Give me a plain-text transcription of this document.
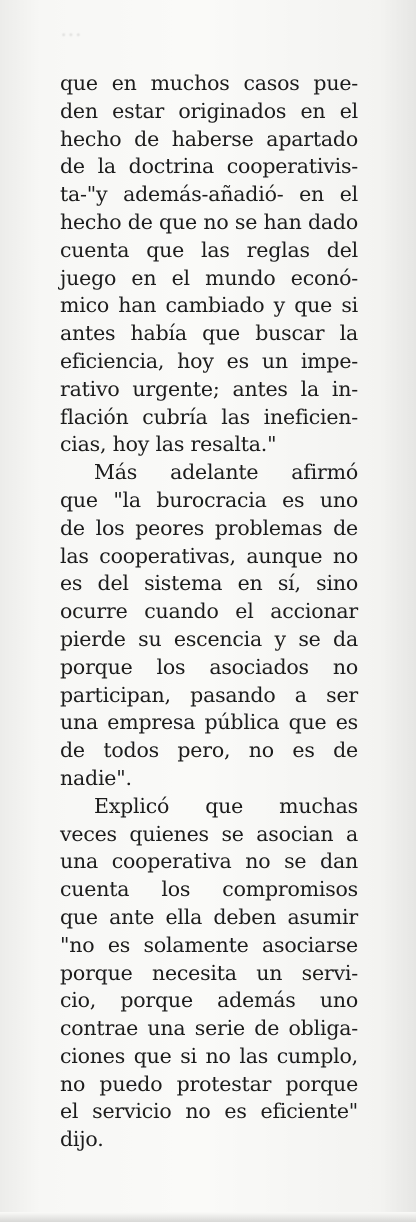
...

que en muchos casos pue-
den estar originados en el
hecho de haberse apartado
de la doctrina cooperativis-
ta-"y además-añadió- en el
hecho de que no se han dado
cuenta que las reglas del
juego en el mundo econó-
mico han cambiado y que si
antes había que buscar la
eficiencia, hoy es un impe-
rativo urgente; antes la in-
flación cubría las ineficien-
cias, hoy las resalta."

Más adelante afirmó
que "la burocracia es uno
de los peores problemas de
las cooperativas, aunque no
es del sistema en sí, sino
ocurre cuando el accionar
pierde su escencia y se da
porque los asociados no
participan, pasando a ser
una empresa pública que es
de todos pero, no es de
nadie".

Explicó que muchas
veces quienes se asocian a
una cooperativa no se dan
cuenta los compromisos
que ante ella deben asumir
"no es solamente asociarse
porque necesita un servi-
cio, porque además uno
contrae una serie de obliga-
ciones que si no las cumplo,
no puedo protestar porque
el servicio no es eficiente"
dijo.
